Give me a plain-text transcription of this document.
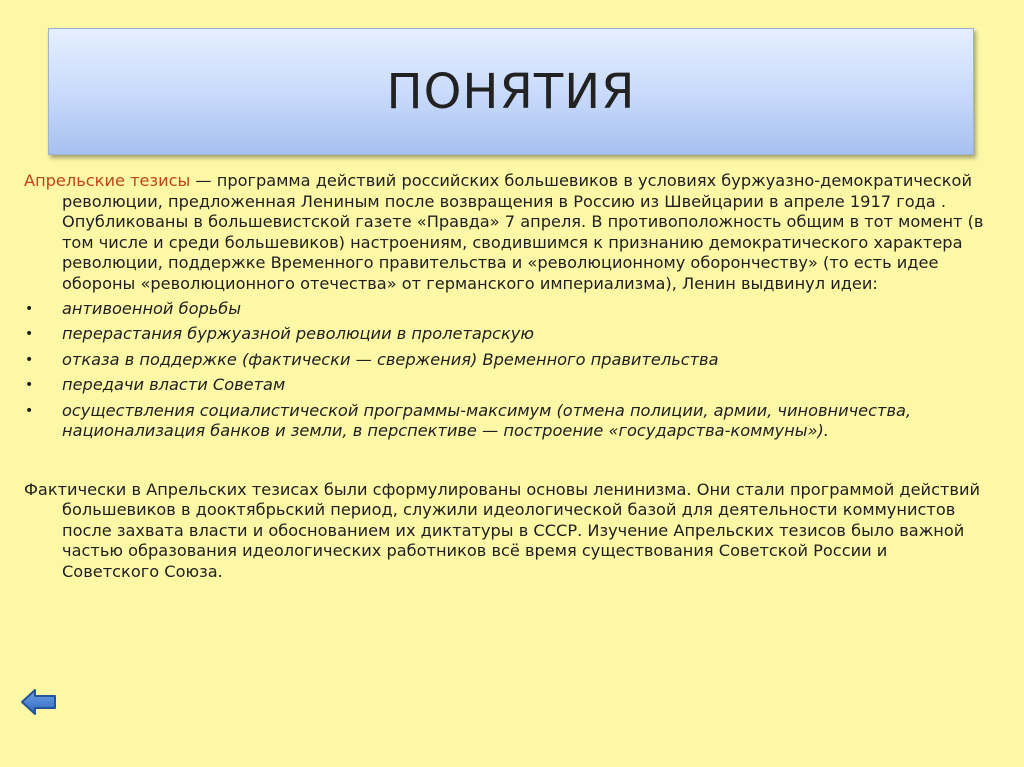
ПОНЯТИЯ

Апрельские тезисы — программа действий российских большевиков в условиях буржуазно-демократической революции, предложенная Лениным после возвращения в Россию из Швейцарии в апреле 1917 года . Опубликованы в большевистской газете «Правда» 7 апреля. В противоположность общим в тот момент (в том числе и среди большевиков) настроениям, сводившимся к признанию демократического характера революции, поддержке Временного правительства и «революционному оборончеству» (то есть идее обороны «революционного отечества» от германского империализма), Ленин выдвинул идеи:

• антивоенной борьбы
• перерастания буржуазной революции в пролетарскую
• отказа в поддержке (фактически — свержения) Временного правительства
• передачи власти Советам
• осуществления социалистической программы-максимум (отмена полиции, армии, чиновничества, национализация банков и земли, в перспективе — построение «государства-коммуны»).

Фактически в Апрельских тезисах были сформулированы основы ленинизма. Они стали программой действий большевиков в дооктябрьский период, служили идеологической базой для деятельности коммунистов после захвата власти и обоснованием их диктатуры в СССР. Изучение Апрельских тезисов было важной частью образования идеологических работников всё время существования Советской России и Советского Союза.
